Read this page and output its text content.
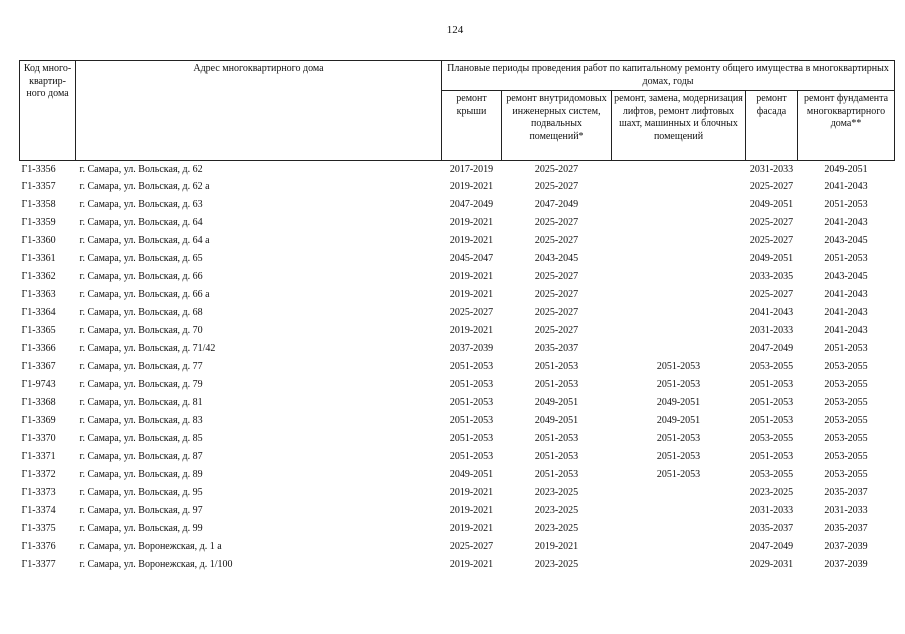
124
Код много-квартир-ного дома	Адрес многоквартирного дома	Плановые периоды проведения работ по капитальному ремонту общего имущества в многоквартирных домах, годы				
		ремонт крыши	ремонт внутридомовых инженерных систем, подвальных помещений*	ремонт, замена, модернизация лифтов, ремонт лифтовых шахт, машинных и блочных помещений	ремонт фасада	ремонт фундамента многоквартирного дома**
Г1-3356	г. Самара, ул. Вольская, д. 62	2017-2019	2025-2027		2031-2033	2049-2051
Г1-3357	г. Самара, ул. Вольская, д. 62 а	2019-2021	2025-2027		2025-2027	2041-2043
Г1-3358	г. Самара, ул. Вольская, д. 63	2047-2049	2047-2049		2049-2051	2051-2053
Г1-3359	г. Самара, ул. Вольская, д. 64	2019-2021	2025-2027		2025-2027	2041-2043
Г1-3360	г. Самара, ул. Вольская, д. 64 а	2019-2021	2025-2027		2025-2027	2043-2045
Г1-3361	г. Самара, ул. Вольская, д. 65	2045-2047	2043-2045		2049-2051	2051-2053
Г1-3362	г. Самара, ул. Вольская, д. 66	2019-2021	2025-2027		2033-2035	2043-2045
Г1-3363	г. Самара, ул. Вольская, д. 66 а	2019-2021	2025-2027		2025-2027	2041-2043
Г1-3364	г. Самара, ул. Вольская, д. 68	2025-2027	2025-2027		2041-2043	2041-2043
Г1-3365	г. Самара, ул. Вольская, д. 70	2019-2021	2025-2027		2031-2033	2041-2043
Г1-3366	г. Самара, ул. Вольская, д. 71/42	2037-2039	2035-2037		2047-2049	2051-2053
Г1-3367	г. Самара, ул. Вольская, д. 77	2051-2053	2051-2053	2051-2053	2053-2055	2053-2055
Г1-9743	г. Самара, ул. Вольская, д. 79	2051-2053	2051-2053	2051-2053	2051-2053	2053-2055
Г1-3368	г. Самара, ул. Вольская, д. 81	2051-2053	2049-2051	2049-2051	2051-2053	2053-2055
Г1-3369	г. Самара, ул. Вольская, д. 83	2051-2053	2049-2051	2049-2051	2051-2053	2053-2055
Г1-3370	г. Самара, ул. Вольская, д. 85	2051-2053	2051-2053	2051-2053	2053-2055	2053-2055
Г1-3371	г. Самара, ул. Вольская, д. 87	2051-2053	2051-2053	2051-2053	2051-2053	2053-2055
Г1-3372	г. Самара, ул. Вольская, д. 89	2049-2051	2051-2053	2051-2053	2053-2055	2053-2055
Г1-3373	г. Самара, ул. Вольская, д. 95	2019-2021	2023-2025		2023-2025	2035-2037
Г1-3374	г. Самара, ул. Вольская, д. 97	2019-2021	2023-2025		2031-2033	2031-2033
Г1-3375	г. Самара, ул. Вольская, д. 99	2019-2021	2023-2025		2035-2037	2035-2037
Г1-3376	г. Самара, ул. Воронежская, д. 1 а	2025-2027	2019-2021		2047-2049	2037-2039
Г1-3377	г. Самара, ул. Воронежская, д. 1/100	2019-2021	2023-2025		2029-2031	2037-2039
